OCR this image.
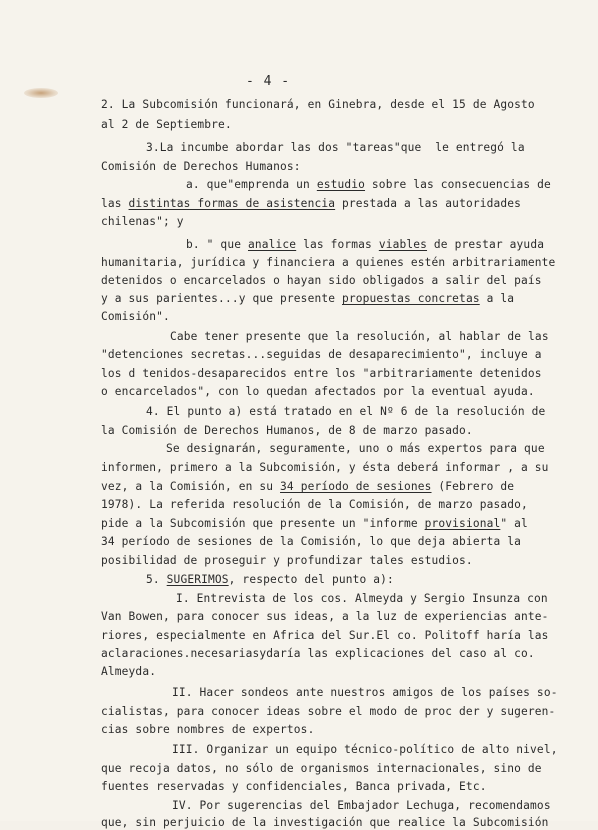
- 4 -
2. La Subcomisión funcionará, en Ginebra, desde el 15 de Agosto
al 2 de Septiembre.
3.La incumbe abordar las dos "tareas"que  le entregó la
Comisión de Derechos Humanos:
a. que"emprenda un estudio sobre las consecuencias de
las distintas formas de asistencia prestada a las autoridades
chilenas"; y
b. " que analice las formas viables de prestar ayuda
humanitaria, jurídica y financiera a quienes estén arbitrariamente
detenidos o encarcelados o hayan sido obligados a salir del país
y a sus parientes...y que presente propuestas concretas a la
Comisión".
Cabe tener presente que la resolución, al hablar de las
"detenciones secretas...seguidas de desaparecimiento", incluye a
los d tenidos-desaparecidos entre los "arbitrariamente detenidos
o encarcelados", con lo quedan afectados por la eventual ayuda.
4. El punto a) está tratado en el Nº 6 de la resolución de
la Comisión de Derechos Humanos, de 8 de marzo pasado.
Se designarán, seguramente, uno o más expertos para que
informen, primero a la Subcomisión, y ésta deberá informar , a su
vez, a la Comisión, en su 34 período de sesiones (Febrero de
1978). La referida resolución de la Comisión, de marzo pasado,
pide a la Subcomisión que presente un "informe provisional" al
34 período de sesiones de la Comisión, lo que deja abierta la
posibilidad de proseguir y profundizar tales estudios.
5. SUGERIMOS, respecto del punto a):
I. Entrevista de los cos. Almeyda y Sergio Insunza con
Van Bowen, para conocer sus ideas, a la luz de experiencias ante-
riores, especialmente en Africa del Sur.El co. Politoff haría las
aclaraciones.necesariasydaría las explicaciones del caso al co.
Almeyda.
II. Hacer sondeos ante nuestros amigos de los países so-
cialistas, para conocer ideas sobre el modo de proc der y sugeren-
cias sobre nombres de expertos.
III. Organizar un equipo técnico-político de alto nivel,
que recoja datos, no sólo de organismos internacionales, sino de
fuentes reservadas y confidenciales, Banca privada, Etc.
IV. Por sugerencias del Embajador Lechuga, recomendamos
que, sin perjuicio de la investigación que realice la Subcomisión
